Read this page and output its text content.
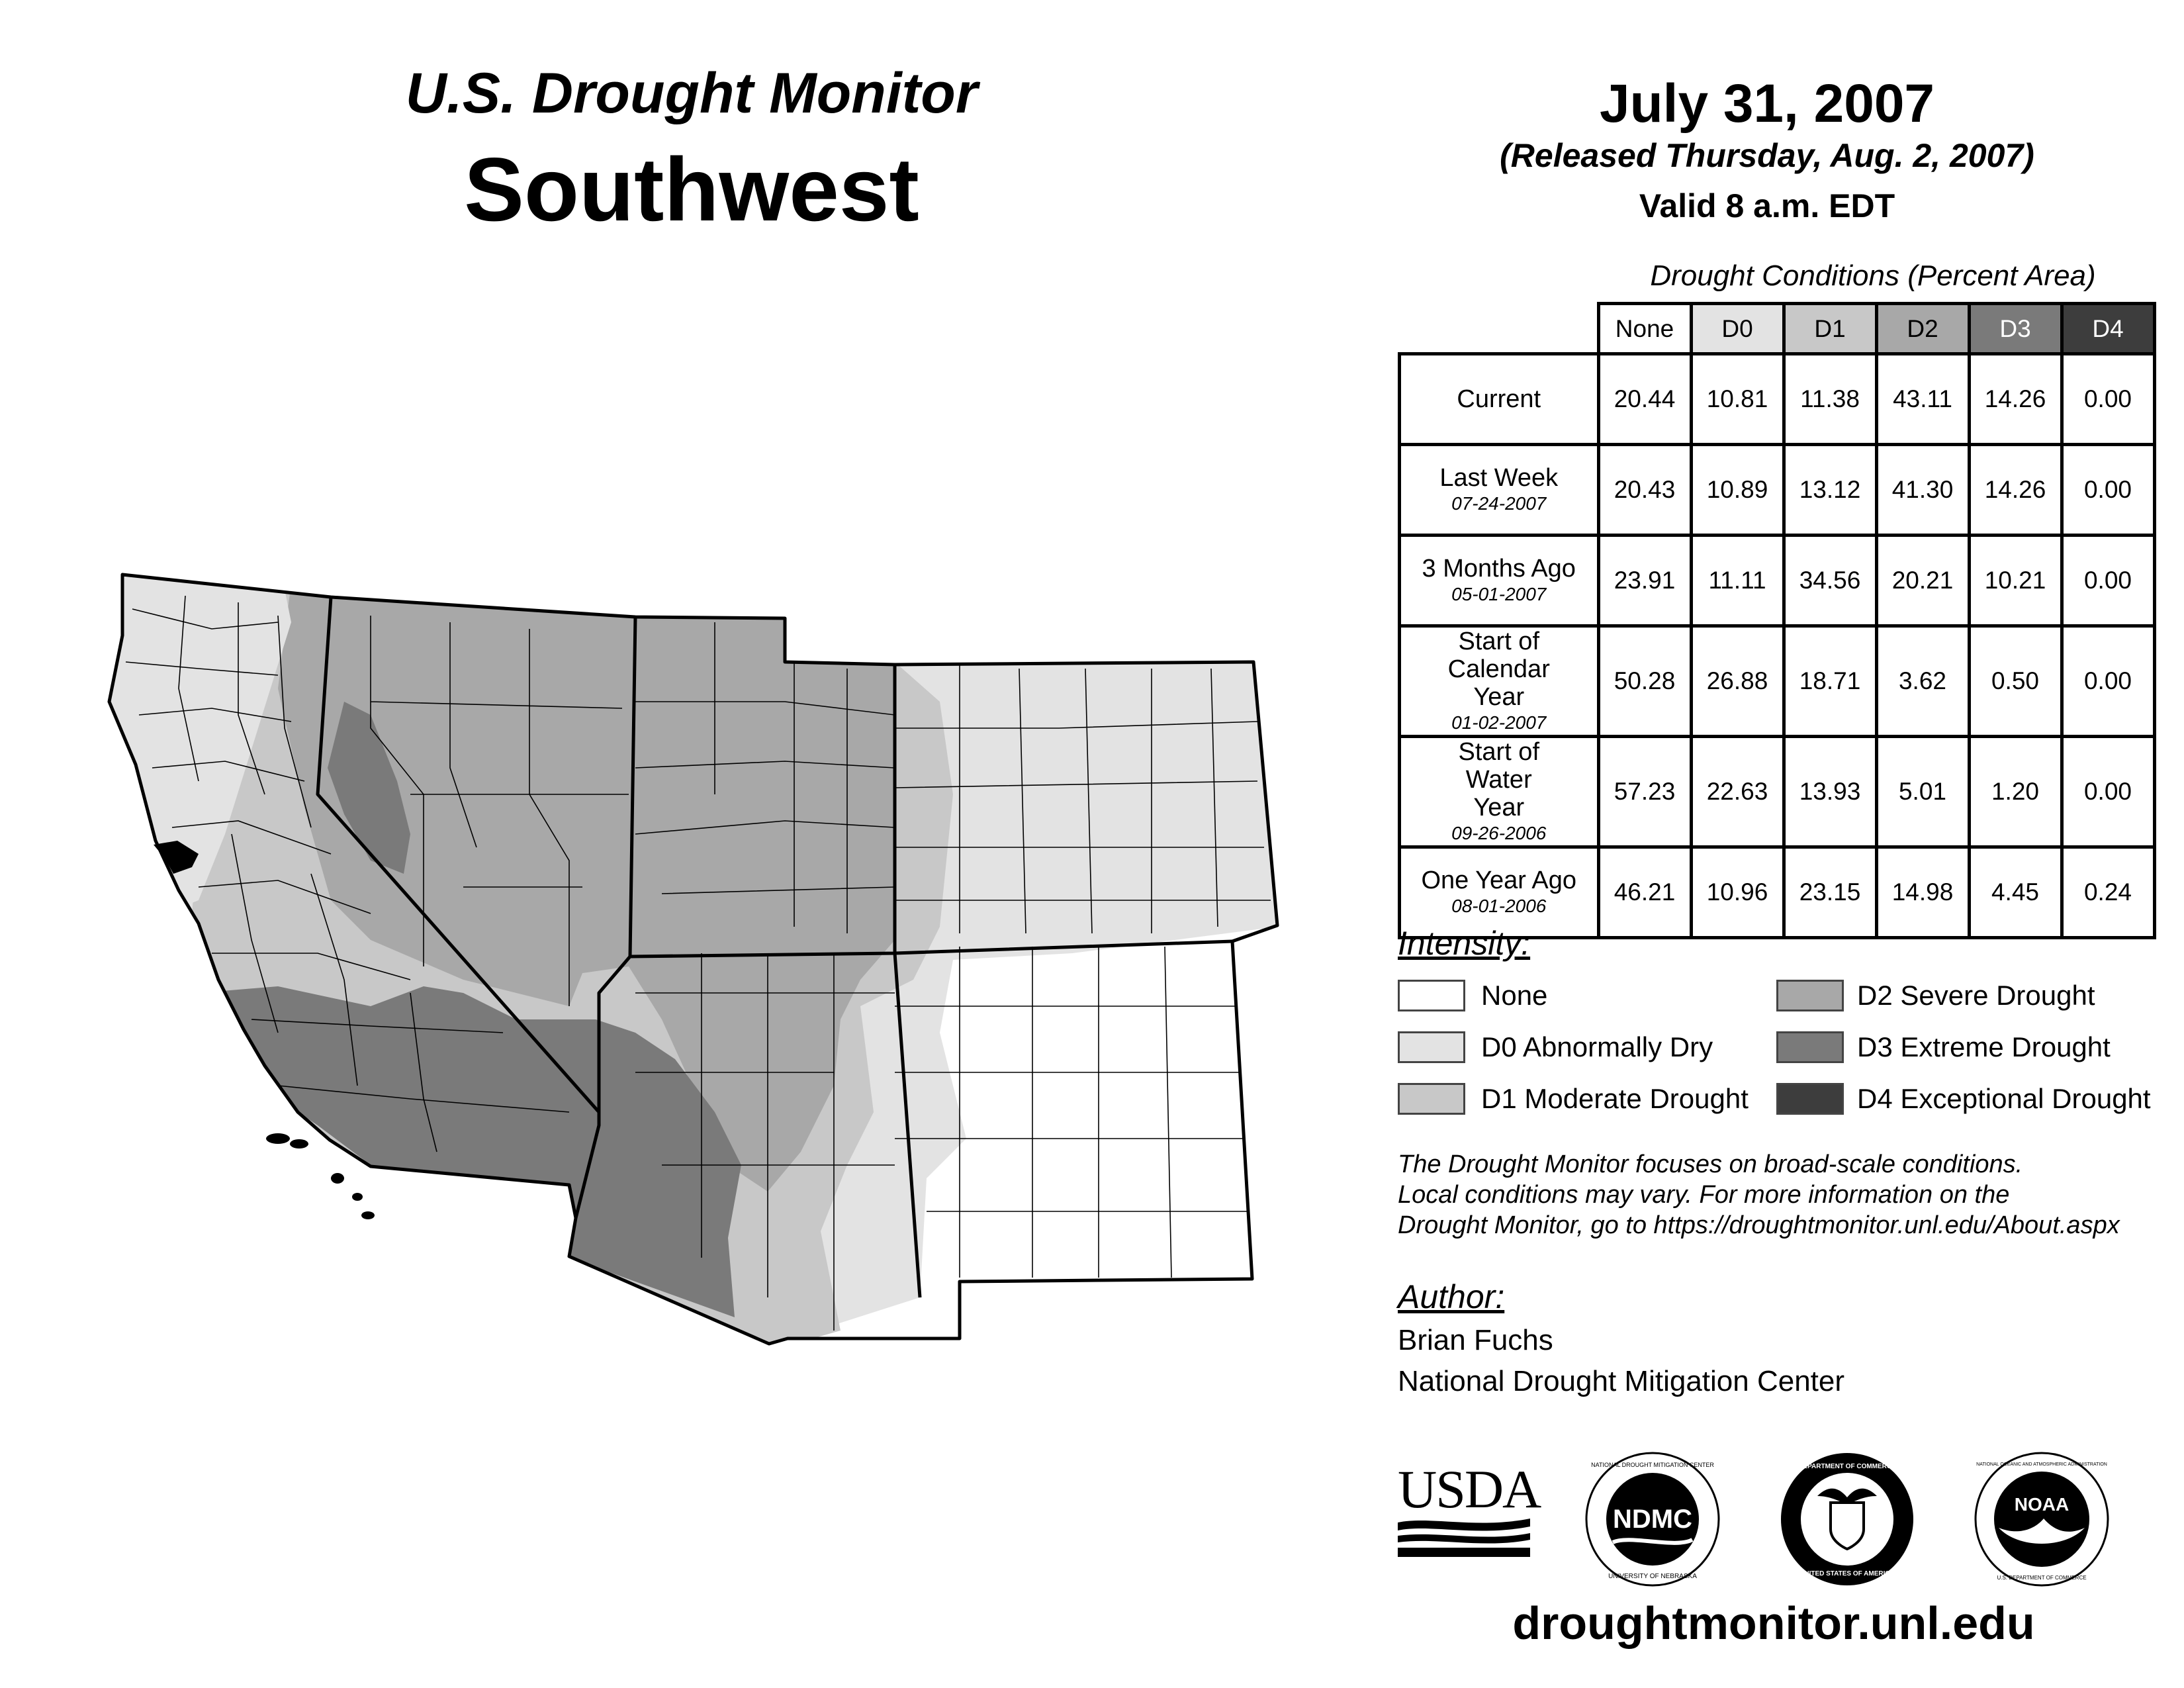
U.S. Drought Monitor
Southwest
July 31, 2007
(Released Thursday, Aug. 2, 2007)
Valid 8 a.m. EDT
Drought Conditions (Percent Area)
	None	D0	D1	D2	D3	D4
Current	20.44	10.81	11.38	43.11	14.26	0.00
Last Week
07-24-2007	20.43	10.89	13.12	41.30	14.26	0.00
3 Months Ago
05-01-2007	23.91	11.11	34.56	20.21	10.21	0.00
Start of Calendar Year
01-02-2007	50.28	26.88	18.71	3.62	0.50	0.00
Start of Water Year
09-26-2006	57.23	22.63	13.93	5.01	1.20	0.00
One Year Ago
08-01-2006	46.21	10.96	23.15	14.98	4.45	0.24
Intensity:
None
D0 Abnormally Dry
D1 Moderate Drought
D2 Severe Drought
D3 Extreme Drought
D4 Exceptional Drought
The Drought Monitor focuses on broad-scale conditions.
Local conditions may vary. For more information on the
Drought Monitor, go to https://droughtmonitor.unl.edu/About.aspx
Author:
Brian Fuchs
National Drought Mitigation Center
USDA	NDMC
NATIONAL DROUGHT MITIGATION CENTER
UNIVERSITY OF NEBRASKA
DEPARTMENT OF COMMERCE
UNITED STATES OF AMERICA
NOAA
NATIONAL OCEANIC AND ATMOSPHERIC ADMINISTRATION
U.S. DEPARTMENT OF COMMERCE
droughtmonitor.unl.edu
